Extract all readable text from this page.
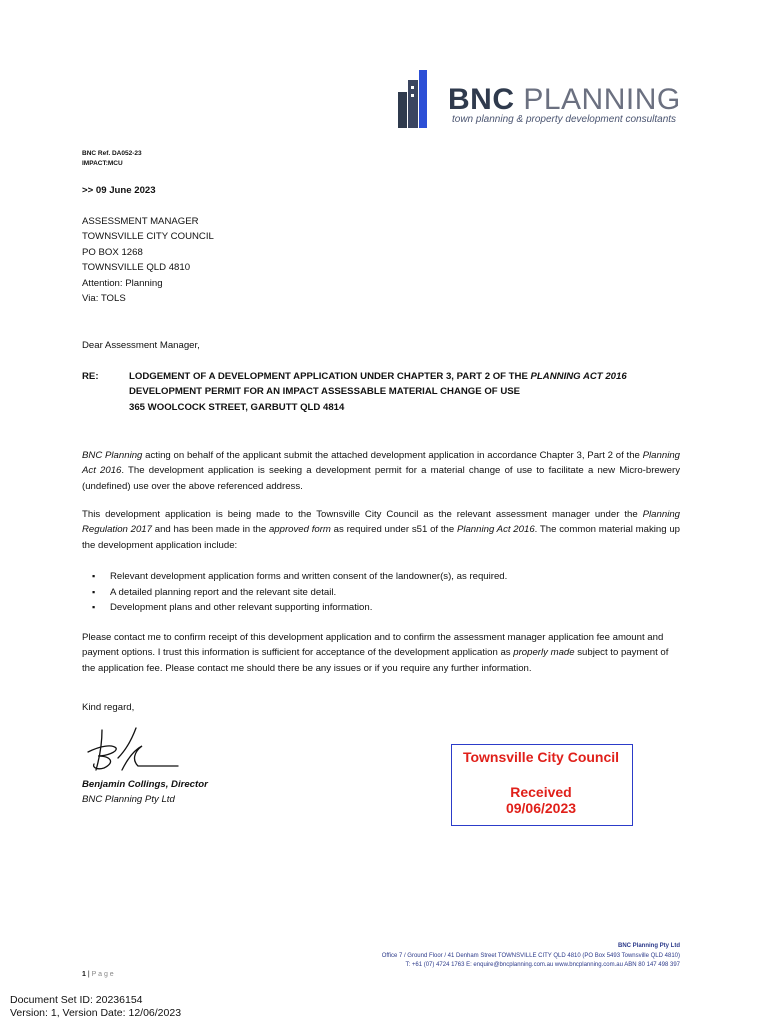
BNC PLANNING
town planning & property development consultants
BNC Ref. DA052-23
IMPACT:MCU
>> 09 June 2023
ASSESSMENT MANAGER
TOWNSVILLE CITY COUNCIL
PO BOX 1268
TOWNSVILLE QLD 4810
Attention: Planning
Via: TOLS
Dear Assessment Manager,
RE:	LODGEMENT OF A DEVELOPMENT APPLICATION UNDER CHAPTER 3, PART 2 OF THE PLANNING ACT 2016
DEVELOPMENT PERMIT FOR AN IMPACT ASSESSABLE MATERIAL CHANGE OF USE
365 WOOLCOCK STREET, GARBUTT QLD 4814
BNC Planning acting on behalf of the applicant submit the attached development application in accordance Chapter 3, Part 2 of the Planning Act 2016. The development application is seeking a development permit for a material change of use to facilitate a new Micro-brewery (undefined) use over the above referenced address.
This development application is being made to the Townsville City Council as the relevant assessment manager under the Planning Regulation 2017 and has been made in the approved form as required under s51 of the Planning Act 2016. The common material making up the development application include:
▪ Relevant development application forms and written consent of the landowner(s), as required.
▪ A detailed planning report and the relevant site detail.
▪ Development plans and other relevant supporting information.
Please contact me to confirm receipt of this development application and to confirm the assessment manager application fee amount and payment options. I trust this information is sufficient for acceptance of the development application as properly made subject to payment of the application fee. Please contact me should there be any issues or if you require any further information.
Kind regard,
Benjamin Collings, Director
BNC Planning Pty Ltd
Townsville City Council
Received
09/06/2023
BNC Planning Pty Ltd
Office 7 / Ground Floor / 41 Denham Street TOWNSVILLE CITY QLD 4810 (PO Box 5493 Townsville QLD 4810)
T: +61 (07) 4724 1763 E: enquire@bncplanning.com.au www.bncplanning.com.au ABN 80 147 498 397
1 | P a g e
Document Set ID: 20236154
Version: 1, Version Date: 12/06/2023
